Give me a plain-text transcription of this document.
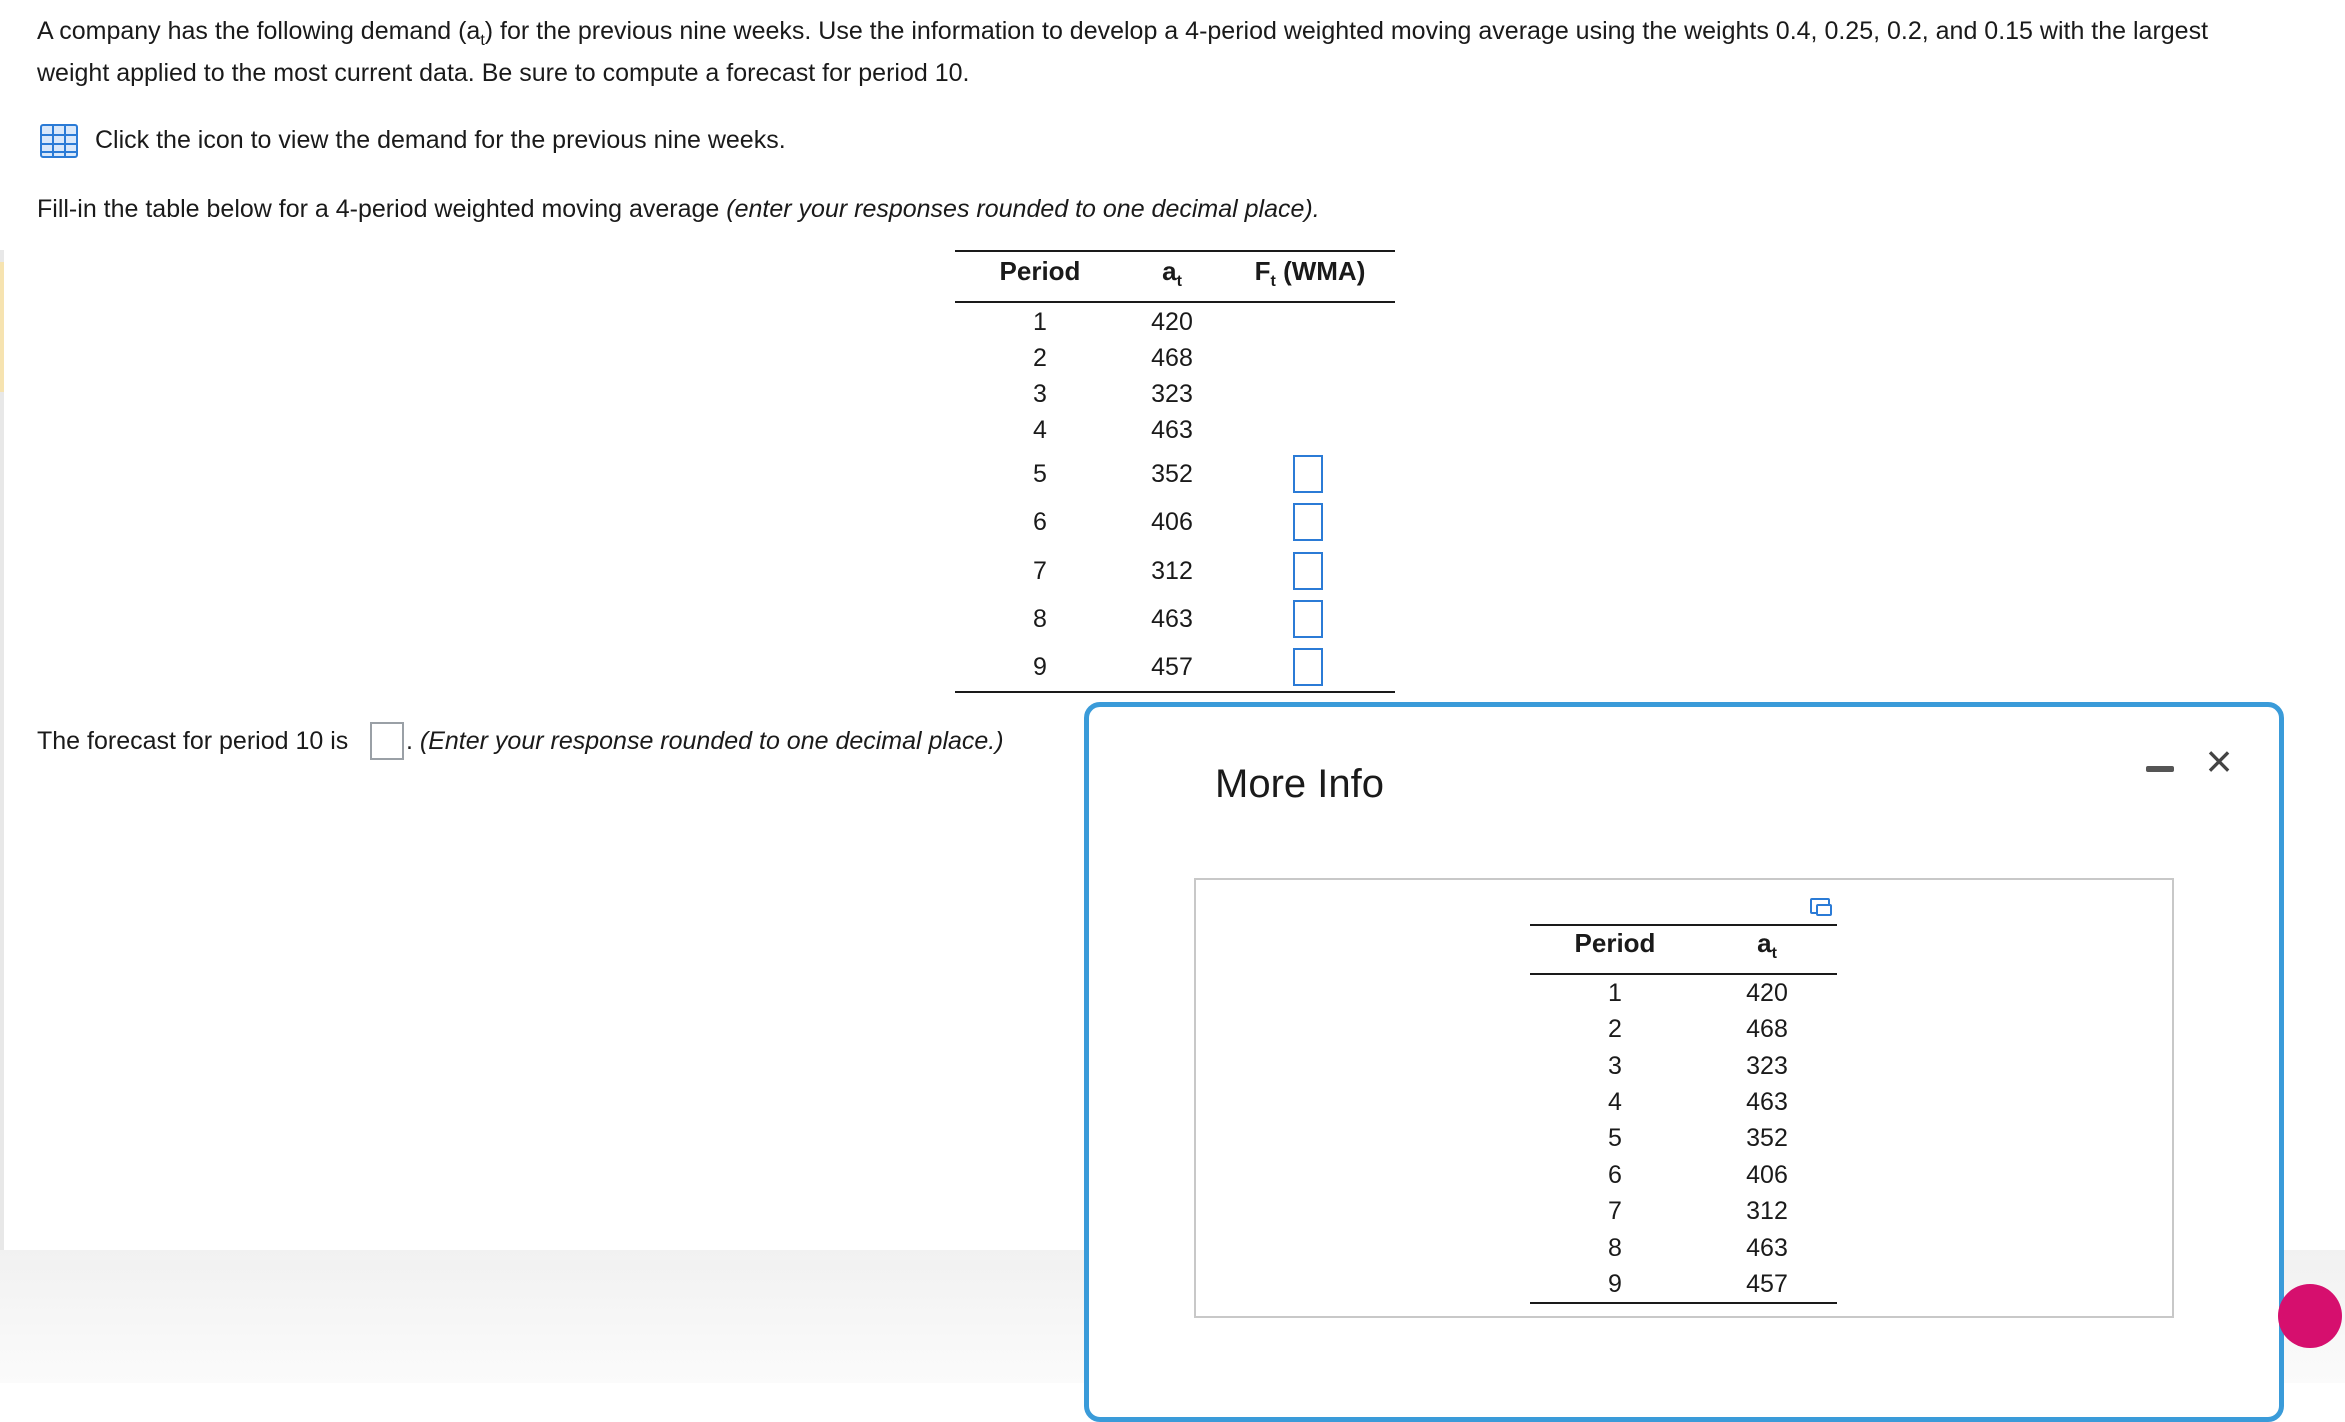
A company has the following demand $(a_t)$ for the previous nine weeks. Use the information to develop a 4-period weighted moving average using the weights 0.4, 0.25, 0.2, and 0.15 with the largest
weight applied to the most current data. Be sure to compute a forecast for period 10.
Click the icon to view the demand for the previous nine weeks.
Fill-in the table below for a 4-period weighted moving average (enter your responses rounded to one decimal place).
Period	$a_t$	$F_t$ (WMA)
1	420
2	468
3	323
4	463
5	352
6	406
7	312
8	463
9	457
The forecast for period 10 is . (Enter your response rounded to one decimal place.)
More Info	×
Period	$a_t$
1	420
2	468
3	323
4	463
5	352
6	406
7	312
8	463
9	457
